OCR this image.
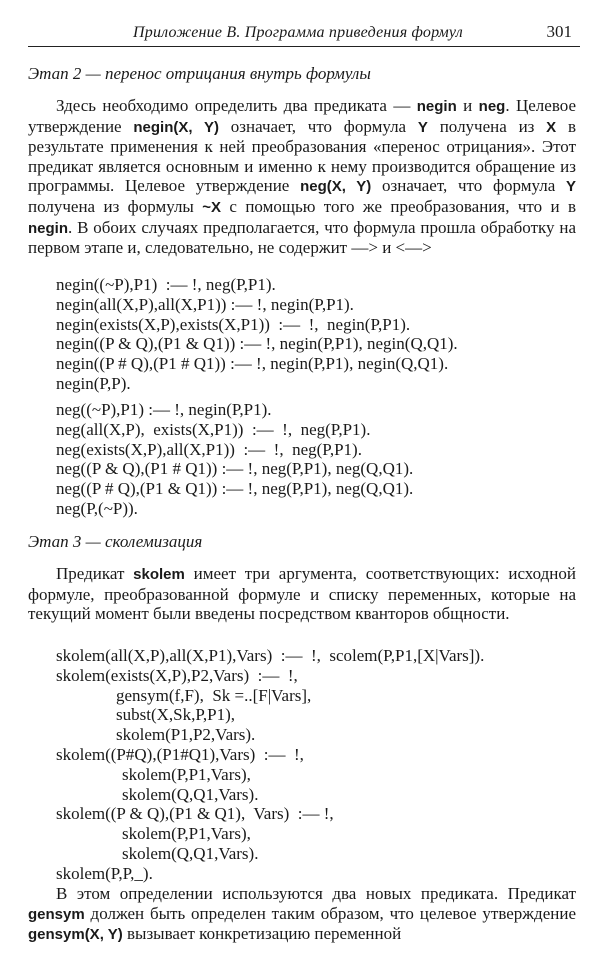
Приложение В. Программа приведения формул	301
Этап 2 — перенос отрицания внутрь формулы

Здесь необходимо определить два предиката — negin и neg. Целевое утверждение negin(X, Y) означает, что формула Y получена из X в результате применения к ней преобразования «перенос отрицания». Этот предикат является основным и именно к нему производится обращение из программы. Целевое утверждение neg(X, Y) означает, что формула Y получена из формулы ~X с помощью того же преобразования, что и в negin. В обоих случаях предполагается, что формула прошла обработку на первом этапе и, следовательно, не содержит —> и <—>

negin((~P),P1)  :— !, neg(P,P1).
negin(all(X,P),all(X,P1)) :— !, negin(P,P1).
negin(exists(X,P),exists(X,P1))  :—  !,  negin(P,P1).
negin((P & Q),(P1 & Q1)) :— !, negin(P,P1), negin(Q,Q1).
negin((P # Q),(P1 # Q1)) :— !, negin(P,P1), negin(Q,Q1).
negin(P,P).
neg((~P),P1) :— !, negin(P,P1).
neg(all(X,P),  exists(X,P1))  :—  !,  neg(P,P1).
neg(exists(X,P),all(X,P1))  :—  !,  neg(P,P1).
neg((P & Q),(P1 # Q1)) :— !, neg(P,P1), neg(Q,Q1).
neg((P # Q),(P1 & Q1)) :— !, neg(P,P1), neg(Q,Q1).
neg(P,(~P)).
Этап 3 — сколемизация

Предикат skolem имеет три аргумента, соответствующих: исходной формуле, преобразованной формуле и списку переменных, которые на текущий момент были введены посредством кванторов общности.

skolem(all(X,P),all(X,P1),Vars)  :—  !,  scolem(P,P1,[X|Vars]).
skolem(exists(X,P),P2,Vars)  :—  !,
gensym(f,F),  Sk =..[F|Vars],
subst(X,Sk,P,P1),
skolem(P1,P2,Vars).
skolem((P#Q),(P1#Q1),Vars)  :—  !,
skolem(P,P1,Vars),
skolem(Q,Q1,Vars).
skolem((P & Q),(P1 & Q1),  Vars)  :— !,
skolem(P,P1,Vars),
skolem(Q,Q1,Vars).
skolem(P,P,_).

В этом определении используются два новых предиката. Предикат gensym должен быть определен таким образом, что целевое утверждение gensym(X, Y) вызывает конкретизацию переменной
